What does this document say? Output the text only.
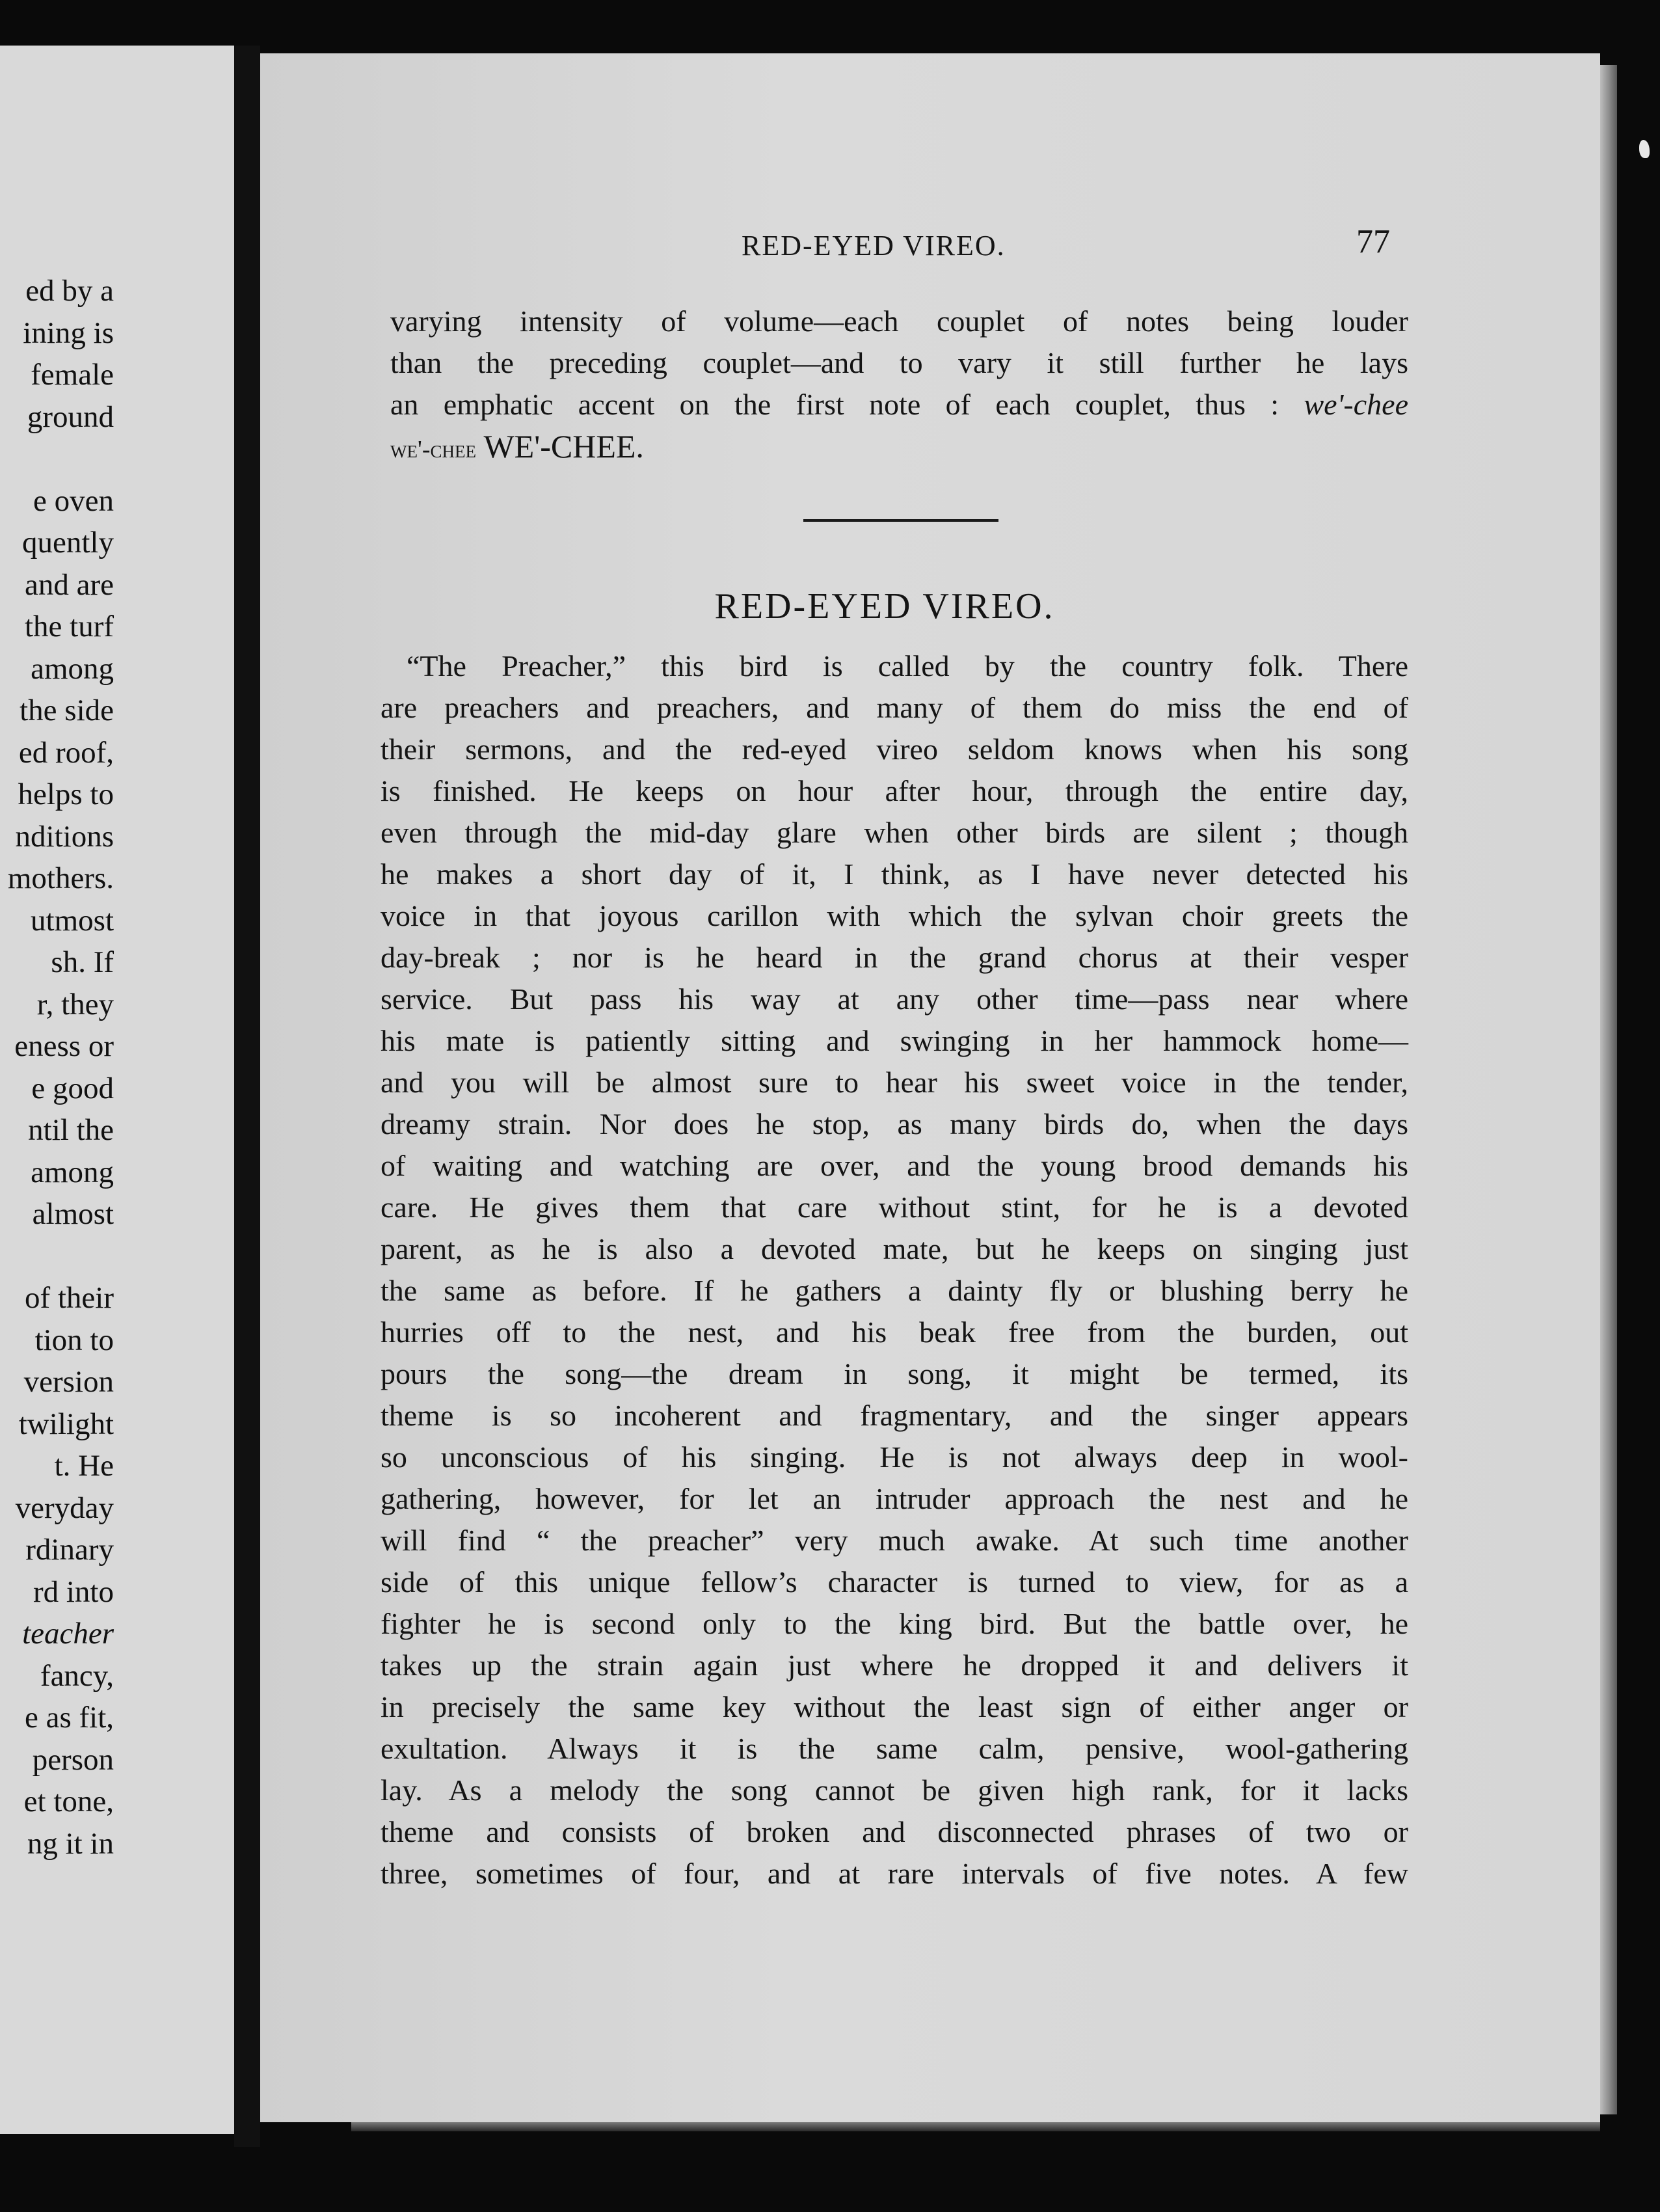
ed by a
ining is
female
ground
e oven
quently
and are
the turf
among
the side
ed roof,
helps to
nditions
mothers.
utmost
sh. If
r, they
eness or
e good
ntil the
among
almost
of their
tion to
version
twilight
t. He
veryday
rdinary
rd into
teacher
fancy,
e as fit,
person
et tone,
ng it in
RED-EYED VIREO.	77
varying intensity of volume—each couplet of notes being louder
than the preceding couplet—and to vary it still further he lays
an emphatic accent on the first note of each couplet, thus : we'-chee
we'-chee WE'-CHEE.
RED-EYED VIREO.
“The Preacher,” this bird is called by the country folk. There
are preachers and preachers, and many of them do miss the end of
their sermons, and the red-eyed vireo seldom knows when his song
is finished. He keeps on hour after hour, through the entire day,
even through the mid-day glare when other birds are silent ; though
he makes a short day of it, I think, as I have never detected his
voice in that joyous carillon with which the sylvan choir greets the
day-break ; nor is he heard in the grand chorus at their vesper
service. But pass his way at any other time—pass near where
his mate is patiently sitting and swinging in her hammock home—
and you will be almost sure to hear his sweet voice in the tender,
dreamy strain. Nor does he stop, as many birds do, when the days
of waiting and watching are over, and the young brood demands his
care. He gives them that care without stint, for he is a devoted
parent, as he is also a devoted mate, but he keeps on singing just
the same as before. If he gathers a dainty fly or blushing berry he
hurries off to the nest, and his beak free from the burden, out
pours the song—the dream in song, it might be termed, its
theme is so incoherent and fragmentary, and the singer appears
so unconscious of his singing. He is not always deep in wool-
gathering, however, for let an intruder approach the nest and he
will find “ the preacher” very much awake. At such time another
side of this unique fellow’s character is turned to view, for as a
fighter he is second only to the king bird. But the battle over, he
takes up the strain again just where he dropped it and delivers it
in precisely the same key without the least sign of either anger or
exultation. Always it is the same calm, pensive, wool-gathering
lay. As a melody the song cannot be given high rank, for it lacks
theme and consists of broken and disconnected phrases of two or
three, sometimes of four, and at rare intervals of five notes. A few
